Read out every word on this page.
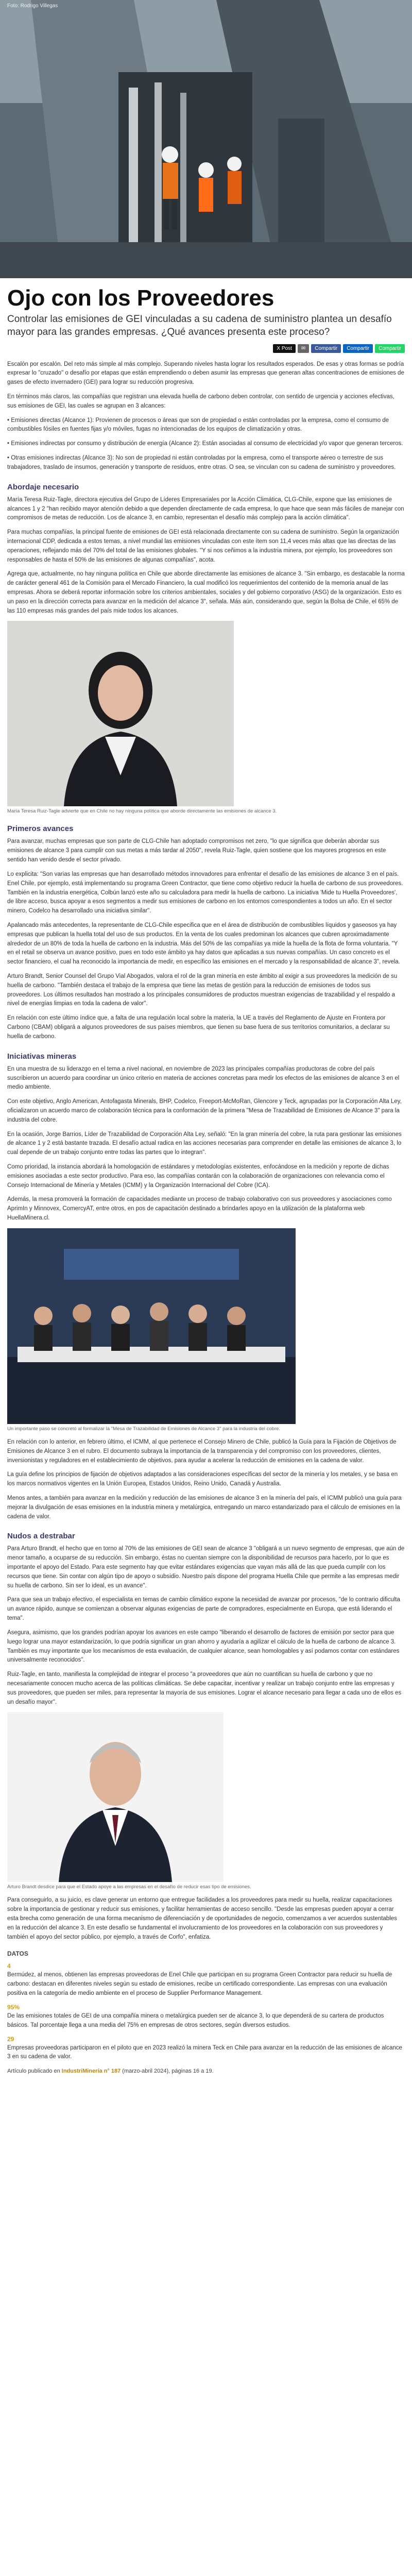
Foto: Rodrigo Villegas
Ojo con los Proveedores
Controlar las emisiones de GEI vinculadas a su cadena de suministro plantea un desafío mayor para las grandes empresas. ¿Qué avances presenta este proceso?
X Post	✉	Compartir	Compartir	Compartir

Escalón por escalón. Del reto más simple al más complejo. Superando niveles hasta lograr los resultados esperados. De esas y otras formas se podría expresar lo "cruzado" o desafío por etapas que están emprendiendo o deben asumir las empresas que generan altas concentraciones de emisiones de gases de efecto invernadero (GEI) para lograr su reducción progresiva.

En términos más claros, las compañías que registran una elevada huella de carbono deben controlar, con sentido de urgencia y acciones efectivas, sus emisiones de GEI, las cuales se agrupan en 3 alcances:

• Emisiones directas (Alcance 1): Provienen de procesos o áreas que son de propiedad o están controladas por la empresa, como el consumo de combustibles fósiles en fuentes fijas y/o móviles, fugas no intencionadas de los equipos de climatización y otras.

• Emisiones indirectas por consumo y distribución de energía (Alcance 2): Están asociadas al consumo de electricidad y/o vapor que generan terceros.

• Otras emisiones indirectas (Alcance 3): No son de propiedad ni están controladas por la empresa, como el transporte aéreo o terrestre de sus trabajadores, traslado de insumos, generación y transporte de residuos, entre otras. O sea, se vinculan con su cadena de suministro y proveedores.

Abordaje necesario

María Teresa Ruiz-Tagle, directora ejecutiva del Grupo de Líderes Empresariales por la Acción Climática, CLG-Chile, expone que las emisiones de alcances 1 y 2 "han recibido mayor atención debido a que dependen directamente de cada empresa, lo que hace que sean más fáciles de manejar con compromisos de metas de reducción. Los de alcance 3, en cambio, representan el desafío más complejo para la acción climática".

Para muchas compañías, la principal fuente de emisiones de GEI está relacionada directamente con su cadena de suministro. Según la organización internacional CDP, dedicada a estos temas, a nivel mundial las emisiones vinculadas con este ítem son 11,4 veces más altas que las directas de las operaciones, reflejando más del 70% del total de las emisiones globales. "Y si nos ceñimos a la industria minera, por ejemplo, los proveedores son responsables de hasta el 50% de las emisiones de algunas compañías", acota.

Agrega que, actualmente, no hay ninguna política en Chile que aborde directamente las emisiones de alcance 3. "Sin embargo, es destacable la norma de carácter general 461 de la Comisión para el Mercado Financiero, la cual modificó los requerimientos del contenido de la memoria anual de las empresas. Ahora se deberá reportar información sobre los criterios ambientales, sociales y del gobierno corporativo (ASG) de la organización. Esto es un paso en la dirección correcta para avanzar en la medición del alcance 3", señala. Más aún, considerando que, según la Bolsa de Chile, el 65% de las 110 empresas más grandes del país mide todos los alcances.

María Teresa Ruiz-Tagle advierte que en Chile no hay ninguna política que aborde directamente las emisiones de alcance 3.
Primeros avances

Para avanzar, muchas empresas que son parte de CLG-Chile han adoptado compromisos net zero, "lo que significa que deberán abordar sus emisiones de alcance 3 para cumplir con sus metas a más tardar al 2050", revela Ruiz-Tagle, quien sostiene que los mayores progresos en este sentido han venido desde el sector privado.

Lo explicita: "Son varias las empresas que han desarrollado métodos innovadores para enfrentar el desafío de las emisiones de alcance 3 en el país. Enel Chile, por ejemplo, está implementando su programa Green Contractor, que tiene como objetivo reducir la huella de carbono de sus proveedores. También en la industria energética, Colbún lanzó este año su calculadora para medir la huella de carbono. La iniciativa 'Mide tu Huella Proveedores', de libre acceso, busca apoyar a esos segmentos a medir sus emisiones de carbono en los entornos correspondientes a todos un año. En el sector minero, Codelco ha desarrollado una iniciativa similar".

Apalancado más antecedentes, la representante de CLG-Chile especifica que en el área de distribución de combustibles líquidos y gaseosos ya hay empresas que publican la huella total del uso de sus productos. En la venta de los cuales predominan los alcances que cubren aproximadamente alrededor de un 80% de toda la huella de carbono en la industria. Más del 50% de las compañías ya mide la huella de la flota de forma voluntaria. "Y en el retail se observa un avance positivo, pues en todo este ámbito ya hay datos que aplicadas a sus nuevas compañías. Un caso concreto es el sector financiero, el cual ha reconocido la importancia de medir, en específico las emisiones en el mercado y la responsabilidad de alcance 3", revela.

Arturo Brandt, Senior Counsel del Grupo Vial Abogados, valora el rol de la gran minería en este ámbito al exigir a sus proveedores la medición de su huella de carbono. "También destaca el trabajo de la empresa que tiene las metas de gestión para la reducción de emisiones de todos sus proveedores. Los últimos resultados han mostrado a los principales consumidores de productos muestran exigencias de trazabilidad y el respaldo a nivel de energías limpias en toda la cadena de valor".

En relación con este último índice que, a falta de una regulación local sobre la materia, la UE a través del Reglamento de Ajuste en Frontera por Carbono (CBAM) obligará a algunos proveedores de sus países miembros, que tienen su base fuera de sus territorios comunitarios, a declarar su huella de carbono.

Iniciativas mineras

En una muestra de su liderazgo en el tema a nivel nacional, en noviembre de 2023 las principales compañías productoras de cobre del país suscribieron un acuerdo para coordinar un único criterio en materia de acciones concretas para medir los efectos de las emisiones de alcance 3 en el medio ambiente.

Con este objetivo, Anglo American, Antofagasta Minerals, BHP, Codelco, Freeport-McMoRan, Glencore y Teck, agrupadas por la Corporación Alta Ley, oficializaron un acuerdo marco de colaboración técnica para la conformación de la primera "Mesa de Trazabilidad de Emisiones de Alcance 3" para la industria del cobre.

En la ocasión, Jorge Barrios, Líder de Trazabilidad de Corporación Alta Ley, señaló: "En la gran minería del cobre, la ruta para gestionar las emisiones de alcance 1 y 2 está bastante trazada. El desafío actual radica en las acciones necesarias para comprender en detalle las emisiones de alcance 3, lo cual depende de un trabajo conjunto entre todas las partes que lo integran".

Como prioridad, la instancia abordará la homologación de estándares y metodologías existentes, enfocándose en la medición y reporte de dichas emisiones asociadas a este sector productivo. Para eso, las compañías contarán con la colaboración de organizaciones con relevancia como el Consejo Internacional de Minería y Metales (ICMM) y la Organización Internacional del Cobre (ICA).

Además, la mesa promoverá la formación de capacidades mediante un proceso de trabajo colaborativo con sus proveedores y asociaciones como AprimIn y Minnovex, ComercyAT, entre otros, en pos de capacitación destinado a brindarles apoyo en la utilización de la plataforma web HuellaMinera.cl.

Un importante paso se concretó al formalizar la "Mesa de Trazabilidad de Emisiones de Alcance 3" para la industria del cobre.

En relación con lo anterior, en febrero último, el ICMM, al que pertenece el Consejo Minero de Chile, publicó la Guía para la Fijación de Objetivos de Emisiones de Alcance 3 en el rubro. El documento subraya la importancia de la transparencia y del compromiso con los proveedores, clientes, inversionistas y reguladores en el establecimiento de objetivos, para ayudar a acelerar la reducción de emisiones en la cadena de valor.

La guía define los principios de fijación de objetivos adaptados a las consideraciones específicas del sector de la minería y los metales, y se basa en los marcos normativos vigentes en la Unión Europea, Estados Unidos, Reino Unido, Canadá y Australia.

Menos antes, a también para avanzar en la medición y reducción de las emisiones de alcance 3 en la minería del país, el ICMM publicó una guía para mejorar la divulgación de esas emisiones en la industria minera y metalúrgica, entregando un marco estandarizado para el cálculo de emisiones en la cadena de valor.

Nudos a destrabar

Para Arturo Brandt, el hecho que en torno al 70% de las emisiones de GEI sean de alcance 3 "obligará a un nuevo segmento de empresas, que aún de menor tamaño, a ocuparse de su reducción. Sin embargo, éstas no cuentan siempre con la disponibilidad de recursos para hacerlo, por lo que es importante el apoyo del Estado. Para este segmento hay que evitar estándares exigencias que vayan más allá de las que pueda cumplir con los recursos que tiene. Sin contar con algún tipo de apoyo o subsidio. Nuestro país dispone del programa Huella Chile que permite a las empresas medir su huella de carbono. Sin ser lo ideal, es un avance".

Para que sea un trabajo efectivo, el especialista en temas de cambio climático expone la necesidad de avanzar por procesos, "de lo contrario dificulta un avance rápido, aunque se comienzan a observar algunas exigencias de parte de compradores, especialmente en Europa, que está liderando el tema".

Asegura, asimismo, que los grandes podrían apoyar los avances en este campo "liberando el desarrollo de factores de emisión por sector para que luego lograr una mayor estandarización, lo que podría significar un gran ahorro y ayudaría a agilizar el cálculo de la huella de carbono de alcance 3. También es muy importante que los mecanismos de esta evaluación, de cualquier alcance, sean homologables y así podamos contar con estándares universalmente reconocidos".

Ruiz-Tagle, en tanto, manifiesta la complejidad de integrar el proceso "a proveedores que aún no cuantifican su huella de carbono y que no necesariamente conocen mucho acerca de las políticas climáticas. Se debe capacitar, incentivar y realizar un trabajo conjunto entre las empresas y sus proveedores, que pueden ser miles, para representar la mayoría de sus emisiones. Lograr el alcance necesario para llegar a cada uno de ellos es un desafío mayor".

Arturo Brandt desdice para que el Estado apoye a las empresas en el desafío de reducir esas tipo de emisiones.

Para conseguirlo, a su juicio, es clave generar un entorno que entregue facilidades a los proveedores para medir su huella, realizar capacitaciones sobre la importancia de gestionar y reducir sus emisiones, y facilitar herramientas de acceso sencillo. "Desde las empresas pueden apoyar a cerrar esta brecha como generación de una forma mecanismo de diferenciación y de oportunidades de negocio, comenzamos a ver acuerdos sustentables en la reducción del alcance 3. En este desafío se fundamental el involucramiento de los proveedores en la colaboración con sus proveedores y también el apoyo del sector público, por ejemplo, a través de Corfo", enfatiza.

DATOS
4

Bermúdez, al menos, obtienen las empresas proveedoras de Enel Chile que participan en su programa Green Contractor para reducir su huella de carbono: destacan en diferentes niveles según su estado de emisiones, recibe un certificado correspondiente. Las empresas con una evaluación positiva en la categoría de medio ambiente en el proceso de Supplier Performance Management.

95%

De las emisiones totales de GEI de una compañía minera o metalúrgica pueden ser de alcance 3, lo que dependerá de su cartera de productos básicos. Tal porcentaje llega a una media del 75% en empresas de otros sectores, según diversos estudios.

29

Empresas proveedoras participaron en el piloto que en 2023 realizó la minera Teck en Chile para avanzar en la reducción de las emisiones de alcance 3 en su cadena de valor.

Artículo publicado en IndustriMinería n° 187 (marzo-abril 2024), páginas 16 a 19.
